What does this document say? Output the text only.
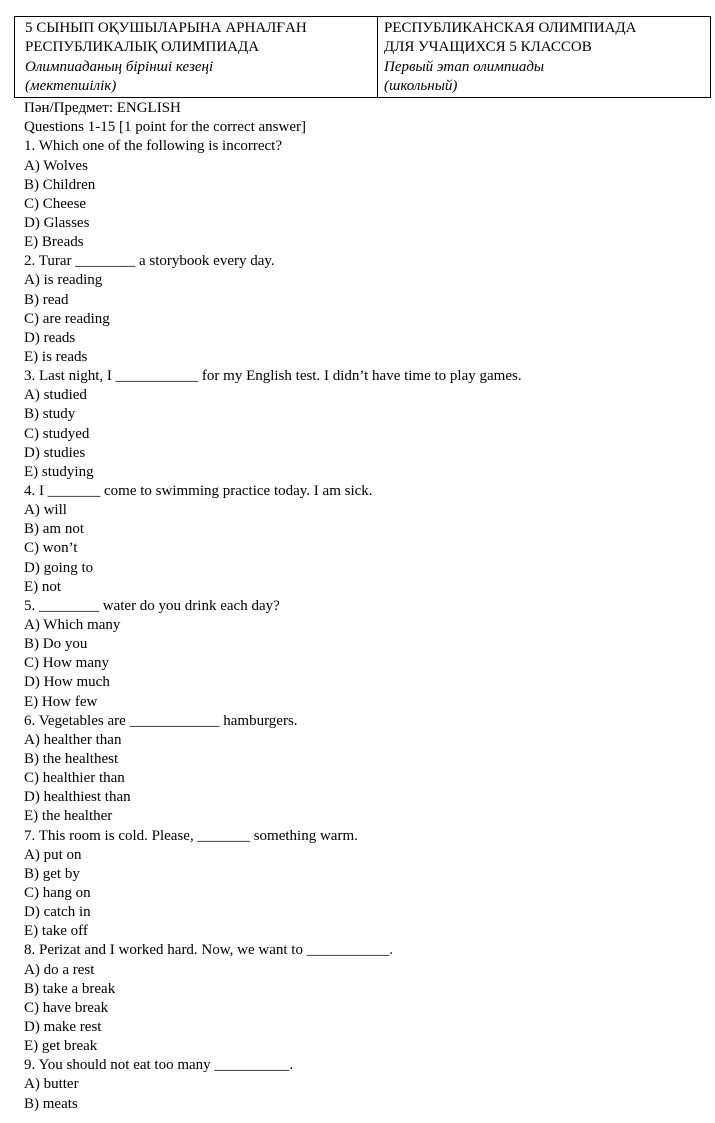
5 СЫНЫП ОҚУШЫЛАРЫНА АРНАЛҒАН
РЕСПУБЛИКАЛЫҚ ОЛИМПИАДА
Олимпиаданың бірінші кезеңі
(мектепшілік)

РЕСПУБЛИКАНСКАЯ ОЛИМПИАДА
ДЛЯ УЧАЩИХСЯ 5 КЛАССОВ
Первый этап олимпиады
(школьный)
Пән/Предмет: ENGLISH
Questions 1-15 [1 point for the correct answer]
1. Which one of the following is incorrect?
A) Wolves
B) Children
C) Cheese
D) Glasses
E) Breads
2. Turar ________ a storybook every day.
A) is reading
B) read
C) are reading
D) reads
E) is reads
3. Last night, I ___________ for my English test. I didn’t have time to play games.
A) studied
B) study
C) studyed
D) studies
E) studying
4. I _______ come to swimming practice today. I am sick.
A) will
B) am not
C) won’t
D) going to
E) not
5. ________ water do you drink each day?
A) Which many
B) Do you
C) How many
D) How much
E) How few
6. Vegetables are ____________ hamburgers.
A) healther than
B) the healthest
C) healthier than
D) healthiest than
E) the healther
7. This room is cold. Please, _______ something warm.
A) put on
B) get by
C) hang on
D) catch in
E) take off
8. Perizat and I worked hard. Now, we want to ___________.
A) do a rest
B) take a break
C) have break
D) make rest
E) get break
9. You should not eat too many __________.
A) butter
B) meats
